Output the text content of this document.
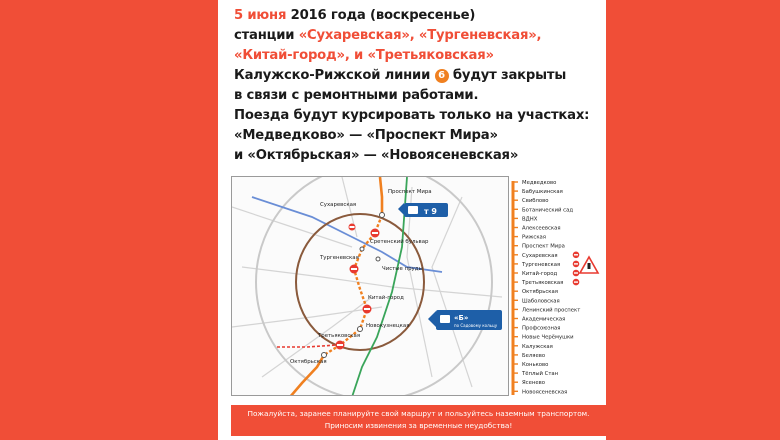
5 июня 2016 года (воскресенье)
станции «Сухаревская», «Тургеневская»,
«Китай-город», и «Третьяковская»
Калужско-Рижской линии 6 будут закрыты
в связи с ремонтными работами.
Поезда будут курсировать только на участках:
«Медведково» — «Проспект Мира»
и «Октябрьская» — «Новоясеневская»
Проспект Мира
Сухаревская
Сретенский бульвар
Тургеневская
Чистые пруды
Китай-город
Третьяковская
Новокузнецкая
Октябрьская
т 9
«Б»
по Садовому кольцу
Медведково
Бабушкинская
Свиблово
Ботанический сад
ВДНХ
Алексеевская
Рижская
Проспект Мира
Сухаревская
Тургеневская
Китай-город
Третьяковская
Октябрьская
Шаболовская
Ленинский проспект
Академическая
Профсоюзная
Новые Черёмушки
Калужская
Беляево
Коньково
Тёплый Стан
Ясенево
Новоясеневская
Пожалуйста, заранее планируйте свой маршрут и пользуйтесь наземным транспортом.
Приносим извинения за временные неудобства!
